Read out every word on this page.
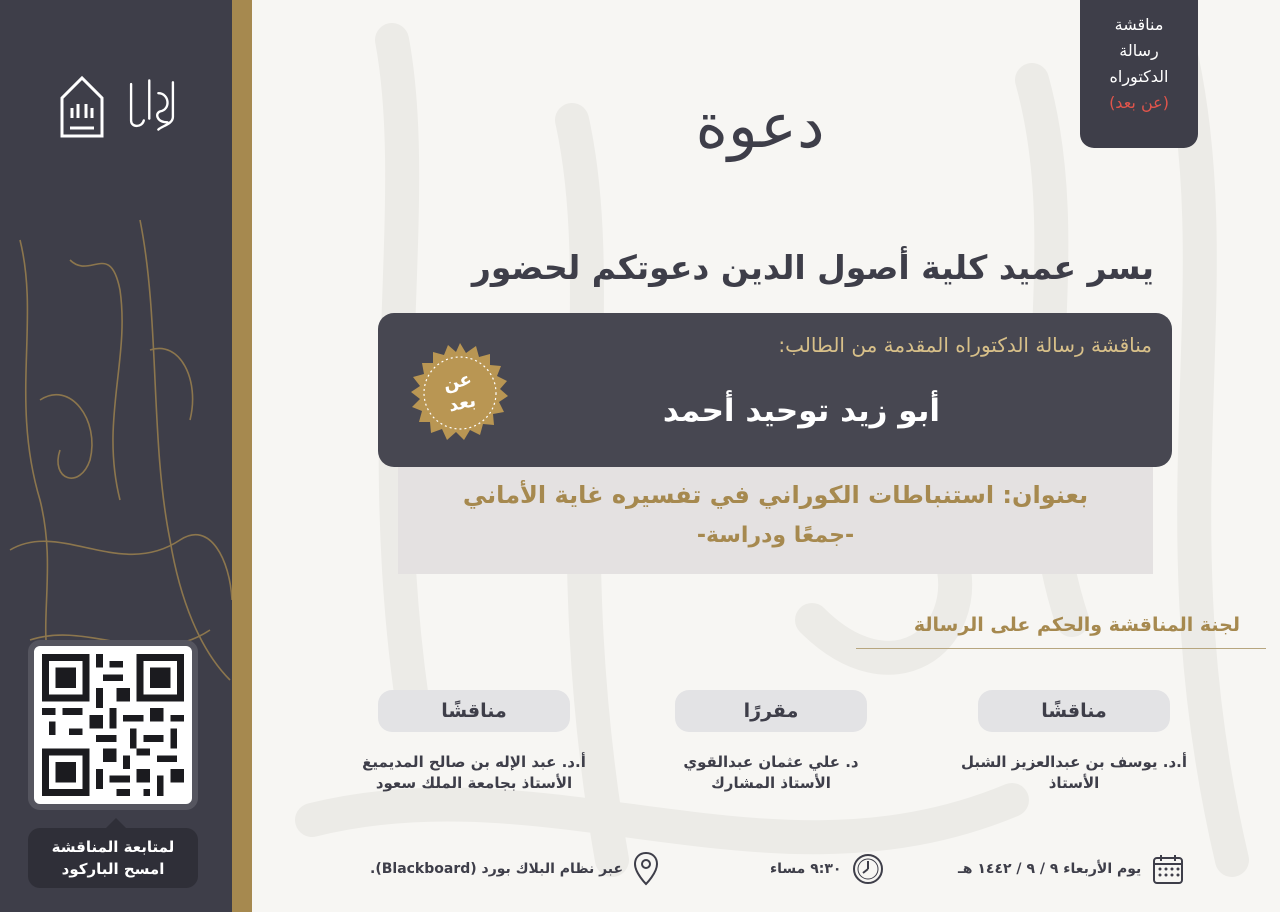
لمتابعة المناقشة
امسح الباركود
مناقشة
رسالة
الدكتوراه
(عن بعد)
دعوة
يسر عميد كلية أصول الدين دعوتكم لحضور
مناقشة رسالة الدكتوراه المقدمة من الطالب:
أبو زيد توحيد أحمد
عن
بعد
بعنوان: استنباطات الكوراني في تفسيره غاية الأماني
-جمعًا ودراسة-
لجنة المناقشة والحكم على الرسالة
مناقشًا
أ.د. يوسف بن عبدالعزيز الشبل
الأستاذ
مقررًا
د. علي عثمان عبدالقوي
الأستاذ المشارك
مناقشًا
أ.د. عبد الإله بن صالح المديميغ
الأستاذ بجامعة الملك سعود
يوم الأربعاء ٩ / ٩ / ١٤٤٢ هـ
٩:٣٠ مساء
عبر نظام البلاك بورد (Blackboard).
